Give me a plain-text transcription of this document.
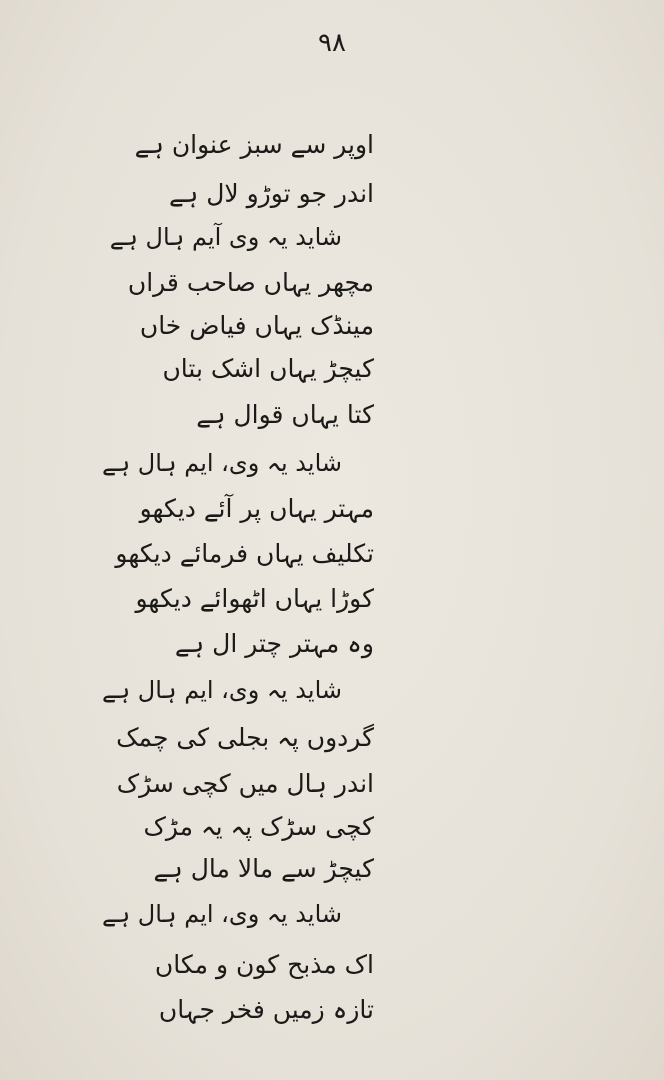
۹۸
اوپر سے سبز عنوان ہے
اندر جو توڑو لال ہے
شاید یہ وی آیم ہال ہے
مچھر یہاں صاحب قراں
مینڈک یہاں فیاض خاں
کیچڑ یہاں اشک بتاں
کتا یہاں قوال ہے
شاید یہ وی، ایم ہال ہے
مہتر یہاں پر آئے دیکھو
تکلیف یہاں فرمائے دیکھو
کوڑا یہاں اٹھوائے دیکھو
وہ مہتر چتر ال ہے
شاید یہ وی، ایم ہال ہے
گردوں پہ بجلی کی چمک
اندر ہال میں کچی سڑک
کچی سڑک پہ یہ مڑک
کیچڑ سے مالا مال ہے
شاید یہ وی، ایم ہال ہے
اک مذبح کون و مکاں
تازہ زمیں فخر جہاں
